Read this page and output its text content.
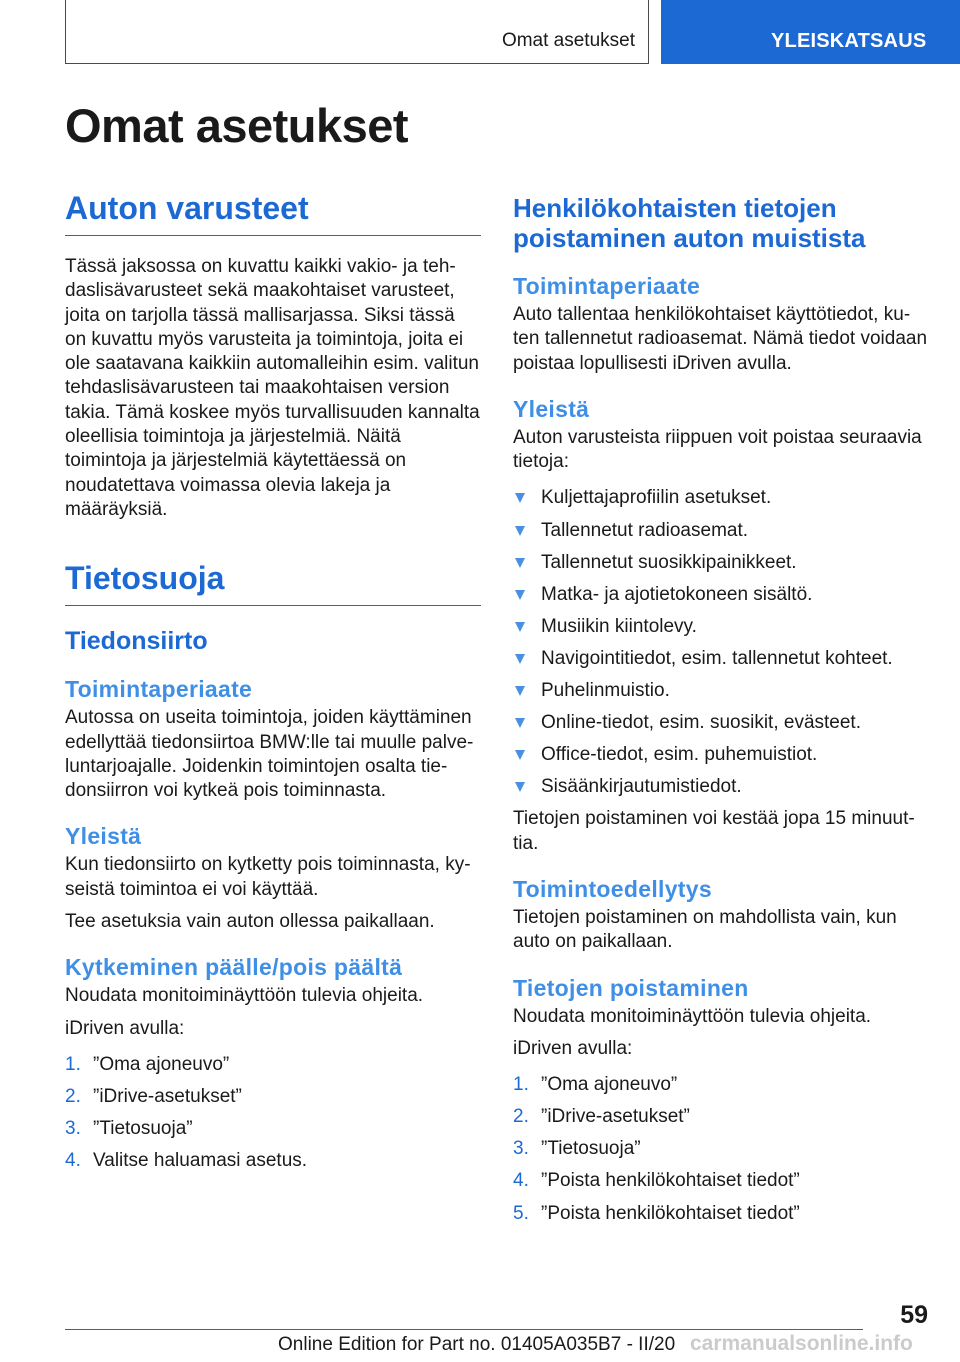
Omat asetukset	YLEISKATSAUS
Omat asetukset
Auton varusteet

Tässä jaksossa on kuvattu kaikki vakio- ja tehdaslisävarusteet sekä maakohtaiset varusteet, joita on tarjolla tässä mallisarjassa. Siksi tässä on kuvattu myös varusteita ja toimintoja, joita ei ole saatavana kaikkiin automalleihin esim. valitun tehdaslisävarusteen tai maakohtaisen version takia. Tämä koskee myös turvallisuuden kannalta oleellisia toimintoja ja järjestelmiä. Näitä toimintoja ja järjestelmiä käytettäessä on noudatettava voimassa olevia lakeja ja määräyksiä.

Tietosuoja
Tiedonsiirto
Toimintaperiaate

Autossa on useita toimintoja, joiden käyttäminen edellyttää tiedonsiirtoa BMW:lle tai muulle palveluntarjoajalle. Joidenkin toimintojen osalta tiedonsiirron voi kytkeä pois toiminnasta.

Yleistä

Kun tiedonsiirto on kytketty pois toiminnasta, kyseistä toimintoa ei voi käyttää.

Tee asetuksia vain auton ollessa paikallaan.

Kytkeminen päälle/pois päältä

Noudata monitoiminäyttöön tulevia ohjeita.

iDriven avulla:

1. ”Oma ajoneuvo”
2. ”iDrive-asetukset”
3. ”Tietosuoja”
4. Valitse haluamasi asetus.
Henkilökohtaisten tietojen poistaminen auton muistista
Toimintaperiaate

Auto tallentaa henkilökohtaiset käyttötiedot, kuten tallennetut radioasemat. Nämä tiedot voidaan poistaa lopullisesti iDriven avulla.

Yleistä

Auton varusteista riippuen voit poistaa seuraavia tietoja:

Kuljettajaprofiilin asetukset.
Tallennetut radioasemat.
Tallennetut suosikkipainikkeet.
Matka- ja ajotietokoneen sisältö.
Musiikin kiintolevy.
Navigointitiedot, esim. tallennetut kohteet.
Puhelinmuistio.
Online-tiedot, esim. suosikit, evästeet.
Office-tiedot, esim. puhemuistiot.
Sisäänkirjautumistiedot.

Tietojen poistaminen voi kestää jopa 15 minuuttia.

Toimintoedellytys

Tietojen poistaminen on mahdollista vain, kun auto on paikallaan.

Tietojen poistaminen

Noudata monitoiminäyttöön tulevia ohjeita.

iDriven avulla:

1. ”Oma ajoneuvo”
2. ”iDrive-asetukset”
3. ”Tietosuoja”
4. ”Poista henkilökohtaiset tiedot”
5. ”Poista henkilökohtaiset tiedot”
59
Online Edition for Part no. 01405A035B7 - II/20 carmanualsonline.info
